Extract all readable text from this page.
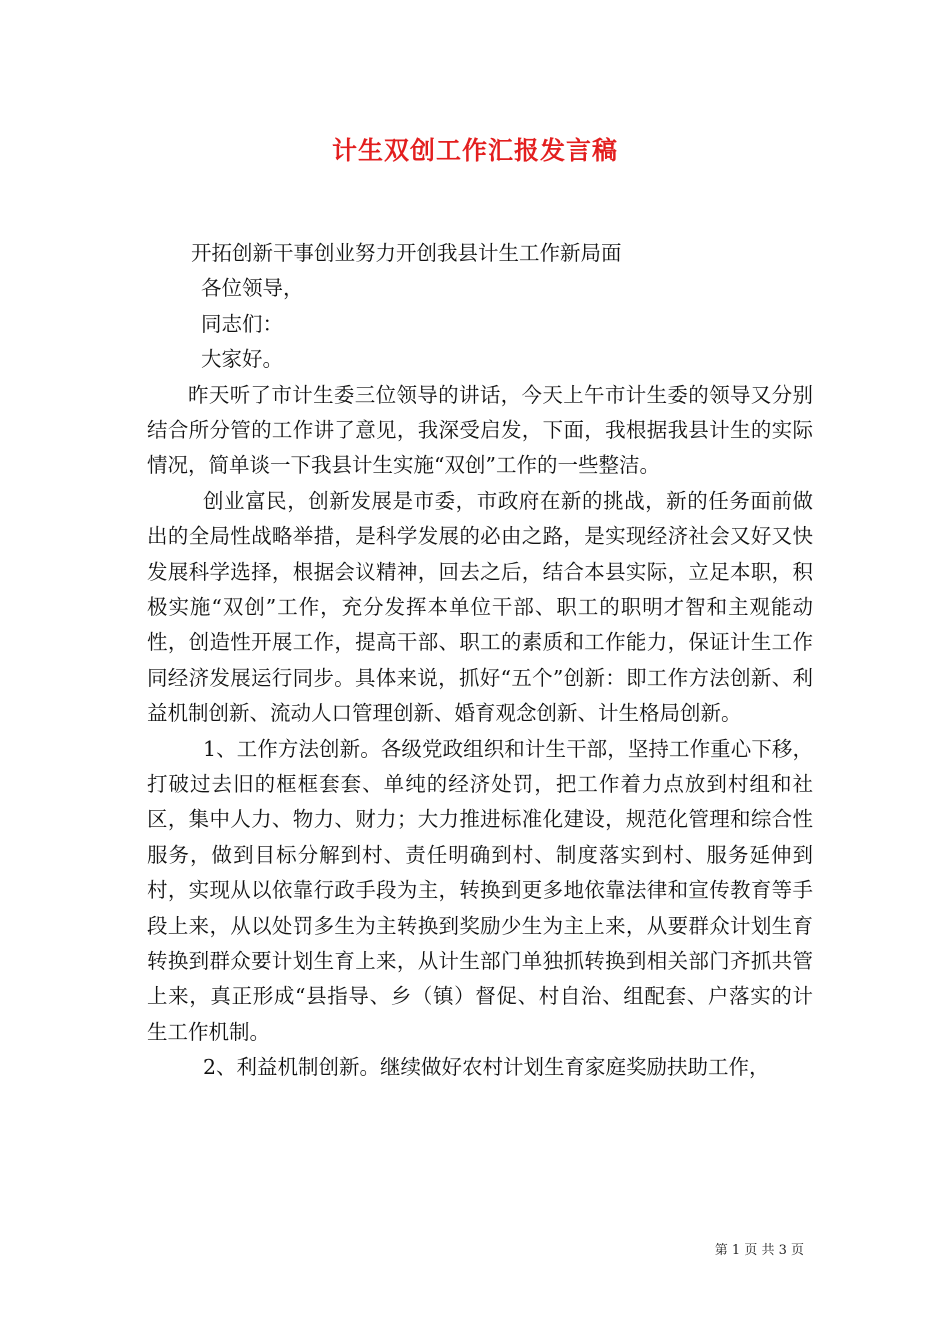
计生双创工作汇报发言稿
开拓创新干事创业努力开创我县计生工作新局面
各位领导，
同志们：
大家好。

昨天听了市计生委三位领导的讲话，今天上午市计生委的领导又分别结合所分管的工作讲了意见，我深受启发，下面，我根据我县计生的实际情况，简单谈一下我县计生实施“双创”工作的一些整洁。

创业富民，创新发展是市委，市政府在新的挑战，新的任务面前做出的全局性战略举措，是科学发展的必由之路，是实现经济社会又好又快发展科学选择，根据会议精神，回去之后，结合本县实际，立足本职，积极实施“双创”工作，充分发挥本单位干部、职工的职明才智和主观能动性，创造性开展工作，提高干部、职工的素质和工作能力，保证计生工作同经济发展运行同步。具体来说，抓好“五个”创新：即工作方法创新、利益机制创新、流动人口管理创新、婚育观念创新、计生格局创新。

1、工作方法创新。各级党政组织和计生干部，坚持工作重心下移，打破过去旧的框框套套、单纯的经济处罚，把工作着力点放到村组和社区，集中人力、物力、财力；大力推进标准化建设，规范化管理和综合性服务，做到目标分解到村、责任明确到村、制度落实到村、服务延伸到村，实现从以依靠行政手段为主，转换到更多地依靠法律和宣传教育等手段上来，从以处罚多生为主转换到奖励少生为主上来，从要群众计划生育转换到群众要计划生育上来，从计生部门单独抓转换到相关部门齐抓共管上来，真正形成“县指导、乡（镇）督促、村自治、组配套、户落实的计生工作机制。

2、利益机制创新。继续做好农村计划生育家庭奖励扶助工作，

第 1 页 共 3 页
